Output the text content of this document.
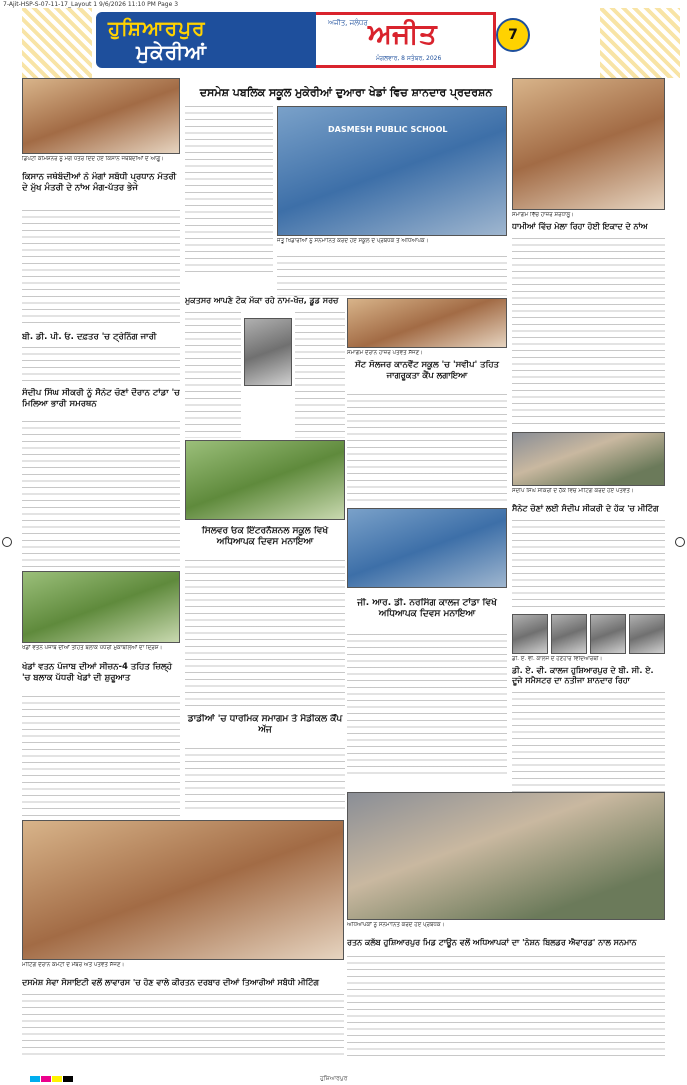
7-Ajit-HSP-S-07-11-17_Layout 1 9/6/2026 11:10 PM Page 3
ਹੁਸ਼ਿਆਰਪੁਰ
ਮੁਕੇਰੀਆਂ
ਅਜੀਤ, ਜਲੰਧਰ ਅਜੀਤ
ਮੰਗਲਵਾਰ, 8 ਸਤੰਬਰ, 2026
7
ਡਿਪਟੀ ਕਮਿਸ਼ਨਰ ਨੂੰ ਮੰਗ ਪੱਤਰ ਦਿੰਦੇ ਹੋਏ ਕਿਸਾਨ ਜਥੇਬੰਦੀਆਂ ਦੇ ਆਗੂ।
ਕਿਸਾਨ ਜਥੇਬੰਦੀਆਂ ਨੇ ਮੰਗਾਂ ਸਬੰਧੀ ਪ੍ਰਧਾਨ ਮੰਤਰੀ ਦੇ ਮੁੱਖ ਮੰਤਰੀ ਦੇ ਨਾਂਅ ਮੰਗ-ਪੱਤਰ ਭੇਜੇ
ਬੀ. ਡੀ. ਪੀ. ਓ. ਦਫ਼ਤਰ 'ਚ ਟ੍ਰੇਨਿੰਗ ਜਾਰੀ
ਸੰਦੀਪ ਸਿੰਘ ਸੀਕਰੀ ਨੂੰ ਸੈਨੇਟ ਚੋਣਾਂ ਦੌਰਾਨ ਟਾਂਡਾ 'ਚ ਮਿਲਿਆ ਭਾਰੀ ਸਮਰਥਨ
ਖੇਡਾਂ ਵਤਨ ਪੰਜਾਬ ਦੀਆਂ ਤਹਿਤ ਬਲਾਕ ਪੱਧਰੀ ਮੁਕਾਬਲਿਆਂ ਦਾ ਦ੍ਰਿਸ਼।
ਖੇਡਾਂ ਵਤਨ ਪੰਜਾਬ ਦੀਆਂ ਸੀਜ਼ਨ-4 ਤਹਿਤ ਜ਼ਿਲ੍ਹੇ 'ਚ ਬਲਾਕ ਪੱਧਰੀ ਖੇਡਾਂ ਦੀ ਸ਼ੁਰੂਆਤ
ਦਸਮੇਸ਼ ਪਬਲਿਕ ਸਕੂਲ ਮੁਕੇਰੀਆਂ ਦੁਆਰਾ ਖੇਡਾਂ ਵਿਚ ਸ਼ਾਨਦਾਰ ਪ੍ਰਦਰਸ਼ਨ
DASMESH PUBLIC SCHOOL
ਜੇਤੂ ਖਿਡਾਰੀਆਂ ਨੂੰ ਸਨਮਾਨਿਤ ਕਰਦੇ ਹੋਏ ਸਕੂਲ ਦੇ ਪ੍ਰਬੰਧਕ ਤੇ ਅਧਿਆਪਕ।
ਮੁਕਤਸਰ ਆਪਣੇ ਟੋਕ ਮੱਕਾ ਰਹੇ ਨਾਮ-ਖੋਜ਼, ਡੂਡ ਸਰਚ
ਸਮਾਗਮ ਦੌਰਾਨ ਹਾਜ਼ਰ ਪਤਵੰਤੇ ਸੱਜਣ।
ਸੇਂਟ ਸੋਲਜਰ ਕਾਨਵੈਂਟ ਸਕੂਲ 'ਚ 'ਸਵੀਪ' ਤਹਿਤ ਜਾਗਰੂਕਤਾ ਕੈਂਪ ਲਗਾਇਆ
ਸਿਲਵਰ ਓਕ ਇੰਟਰਨੈਸ਼ਨਲ ਸਕੂਲ ਵਿਖੇ ਅਧਿਆਪਕ ਦਿਵਸ ਮਨਾਇਆ
ਜੀ. ਆਰ. ਡੀ. ਨਰਸਿੰਗ ਕਾਲਜ ਟਾਂਡਾ ਵਿਖੇ ਅਧਿਆਪਕ ਦਿਵਸ ਮਨਾਇਆ
ਡਾਡੀਆਂ 'ਚ ਧਾਰਮਿਕ ਸਮਾਗਮ ਤੇ ਮੈਡੀਕਲ ਕੈਂਪ ਅੱਜ
ਸਮਾਗਮ ਵਿੱਚ ਹਾਜ਼ਰ ਸ਼ਰਧਾਲੂ।
ਧਾਮੀਆਂ ਵਿੱਚ ਮੇਲਾ ਰਿਹਾ ਹੋਈ ਇਕਾਦ ਦੇ ਨਾਂਅ
ਸੰਦੀਪ ਸਿੰਘ ਸੀਕਰੀ ਦੇ ਹੱਕ ਵਿਚ ਮੀਟਿੰਗ ਕਰਦੇ ਹੋਏ ਪਤਵੰਤੇ।
ਸੈਨੇਟ ਚੋਣਾਂ ਲਈ ਸੰਦੀਪ ਸੀਕਰੀ ਦੇ ਹੱਕ 'ਚ ਮੀਟਿੰਗ
ਡੀ. ਏ. ਵੀ. ਕਾਲਜ ਦੇ ਹੋਣਹਾਰ ਵਿਦਿਆਰਥੀ।
ਡੀ. ਏ. ਵੀ. ਕਾਲਜ ਹੁਸ਼ਿਆਰਪੁਰ ਦੇ ਬੀ. ਸੀ. ਏ. ਦੂਜੇ ਸਮੈਸਟਰ ਦਾ ਨਤੀਜਾ ਸ਼ਾਨਦਾਰ ਰਿਹਾ
ਮੀਟਿੰਗ ਦੌਰਾਨ ਕਮੇਟੀ ਦੇ ਮੈਂਬਰ ਅਤੇ ਪਤਵੰਤੇ ਸੱਜਣ।
ਦਸਮੇਸ਼ ਸੇਵਾ ਸੋਸਾਇਟੀ ਵਲੋਂ ਲਾਵਾਰਸ 'ਚ ਹੋਣ ਵਾਲੇ ਕੀਰਤਨ ਦਰਬਾਰ ਦੀਆਂ ਤਿਆਰੀਆਂ ਸਬੰਧੀ ਮੀਟਿੰਗ
ਅਧਿਆਪਕਾਂ ਨੂੰ ਸਨਮਾਨਿਤ ਕਰਦੇ ਹੋਏ ਪ੍ਰਬੰਧਕ।
ਰਤਨ ਕਲੱਬ ਹੁਸ਼ਿਆਰਪੁਰ ਮਿਡ ਟਾਊਨ ਵਲੋਂ ਅਧਿਆਪਕਾਂ ਦਾ 'ਨੇਸ਼ਨ ਬਿਲਡਰ ਐਵਾਰਡ' ਨਾਲ ਸਨਮਾਨ
ਹੁਸ਼ਿਆਰਪੁਰ
